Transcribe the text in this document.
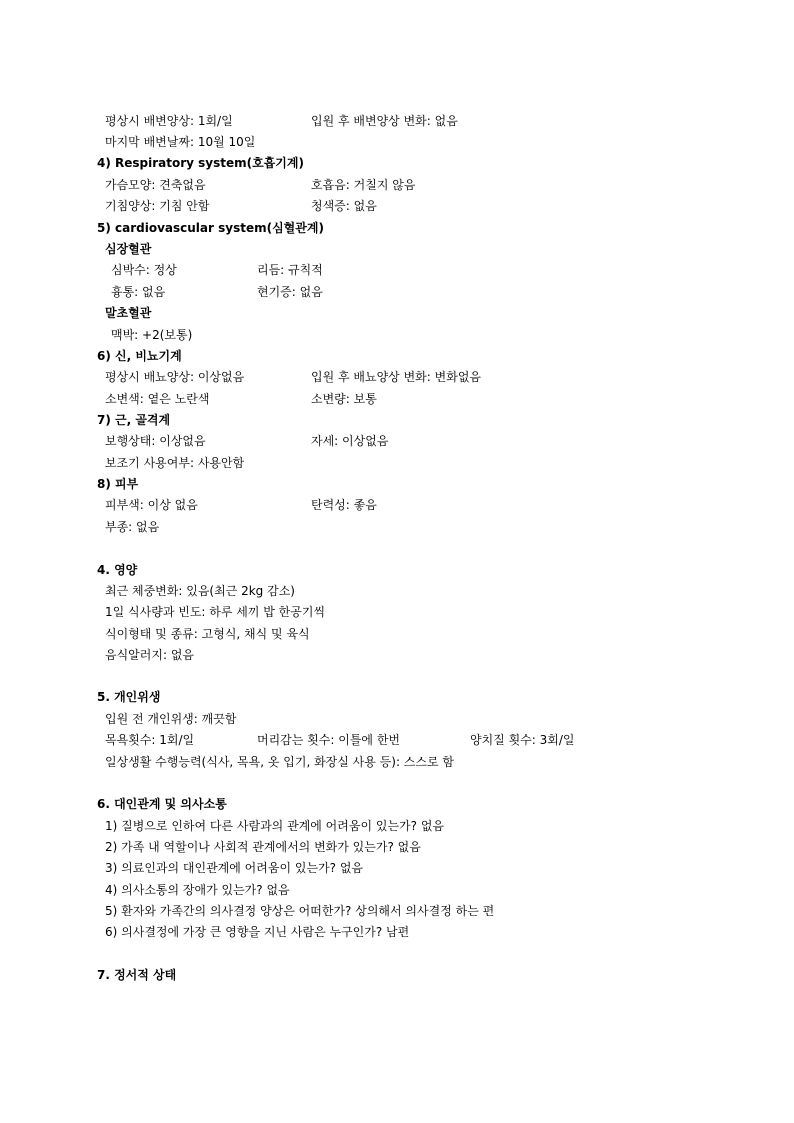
평상시 배변양상: 1회/일	입원 후 배변양상 변화: 없음
마지막 배변날짜: 10월 10일
4) Respiratory system(호흡기계)
가슴모양: 견축없음	호흡음: 거칠지 않음
기침양상: 기침 안함	청색증: 없음
5) cardiovascular system(심혈관계)
심장혈관
심박수: 정상	리듬: 규칙적
흉통: 없음	현기증: 없음
말초혈관
맥박: +2(보통)
6) 신, 비뇨기계
평상시 배뇨양상: 이상없음	입원 후 배뇨양상 변화: 변화없음
소변색: 옅은 노란색	소변량: 보통
7) 근, 골격계
보행상태: 이상없음	자세: 이상없음
보조기 사용여부: 사용안함
8) 피부
피부색: 이상 없음	탄력성: 좋음
부종: 없음
4. 영양
최근 체중변화: 있음(최근 2kg 감소)
1일 식사량과 빈도: 하루 세끼 밥 한공기씩
식이형태 및 종류: 고형식, 채식 및 육식
음식알러지: 없음
5. 개인위생
입원 전 개인위생: 깨끗함
목욕횟수: 1회/일	머리감는 횟수: 이틀에 한번	양치질 횟수: 3회/일
일상생활 수행능력(식사, 목욕, 옷 입기, 화장실 사용 등): 스스로 함
6. 대인관계 및 의사소통
1) 질병으로 인하여 다른 사람과의 관계에 어려움이 있는가? 없음
2) 가족 내 역할이나 사회적 관계에서의 변화가 있는가? 없음
3) 의료인과의 대인관계에 어려움이 있는가? 없음
4) 의사소통의 장애가 있는가? 없음
5) 환자와 가족간의 의사결정 양상은 어떠한가? 상의해서 의사결정 하는 편
6) 의사결정에 가장 큰 영향을 지닌 사람은 누구인가? 남편
7. 정서적 상태
